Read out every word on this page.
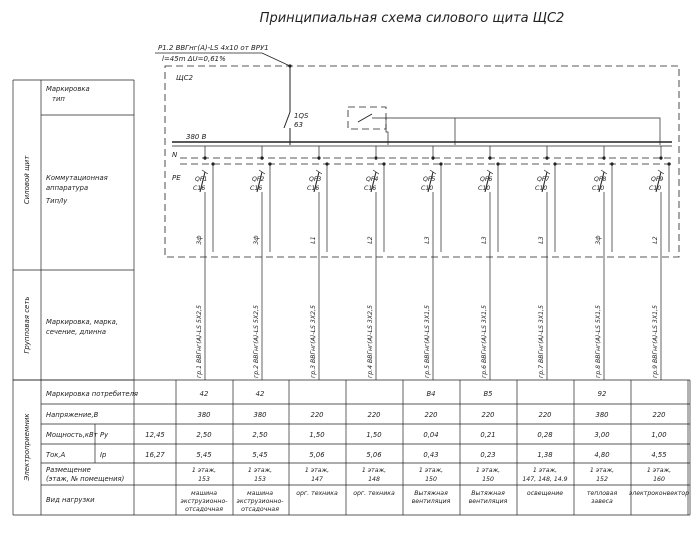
Принципиальная схема силового щита ЩС2
Р1.2 ВВГнг(А)-LS 4х10 от ВРУ1
l=45m ΔU=0,61%
ЩС2
1QS
63
380 В
N
PE
Силовой щит
Групповая сеть
Электроприемник
Маркировка
тип
Коммутационная
аппаратура
Тип/Iу
Маркировка, марка,
сечение, длинна
Маркировка потребителя
Напряжение,В
Мощность,кВт Ру
Ток,А	Iр
Размещение
(этаж, № помещения)
Вид нагрузки
12,45
16,27
QF1
C16
3ф
гр.1 ВВГнг(А)-LS 5Х2,5
42
380
2,50
5,45
1 этаж,
153
машина
экструзионно-
отсадочная
QF2
C16
3ф
гр.2 ВВГнг(А)-LS 5Х2,5
42
380
2,50
5,45
1 этаж,
153
машина
экструзионно-
отсадочная
QF3
C16
L1
гр.3 ВВГнг(А)-LS 3Х2,5
220
1,50
5,06
1 этаж,
147
орг. техника
QF4
C16
L2
гр.4 ВВГнг(А)-LS 3Х2,5
220
1,50
5,06
1 этаж,
148
орг. техника
QF5
C10
L3
гр.5 ВВГнг(А)-LS 3Х1,5
В4
220
0,04
0,43
1 этаж,
150
Вытяжная
вентиляция
QF6
C10
L3
гр.6 ВВГнг(А)-LS 3Х1,5
В5
220
0,21
0,23
1 этаж,
150
Вытяжная
вентиляция
QF7
C10
L3
гр.7 ВВГнг(А)-LS 3Х1,5
220
0,28
1,38
1 этаж,
147, 148, 14.9
освещение
QF8
C10
3ф
гр.8 ВВГнг(А)-LS 5Х1,5
92
380
3,00
4,80
1 этаж,
152
тепловая
завеса
QF9
C10
L2
гр.9 ВВГнг(А)-LS 3Х1,5
220
1,00
4,55
1 этаж,
160
электроконвектор
